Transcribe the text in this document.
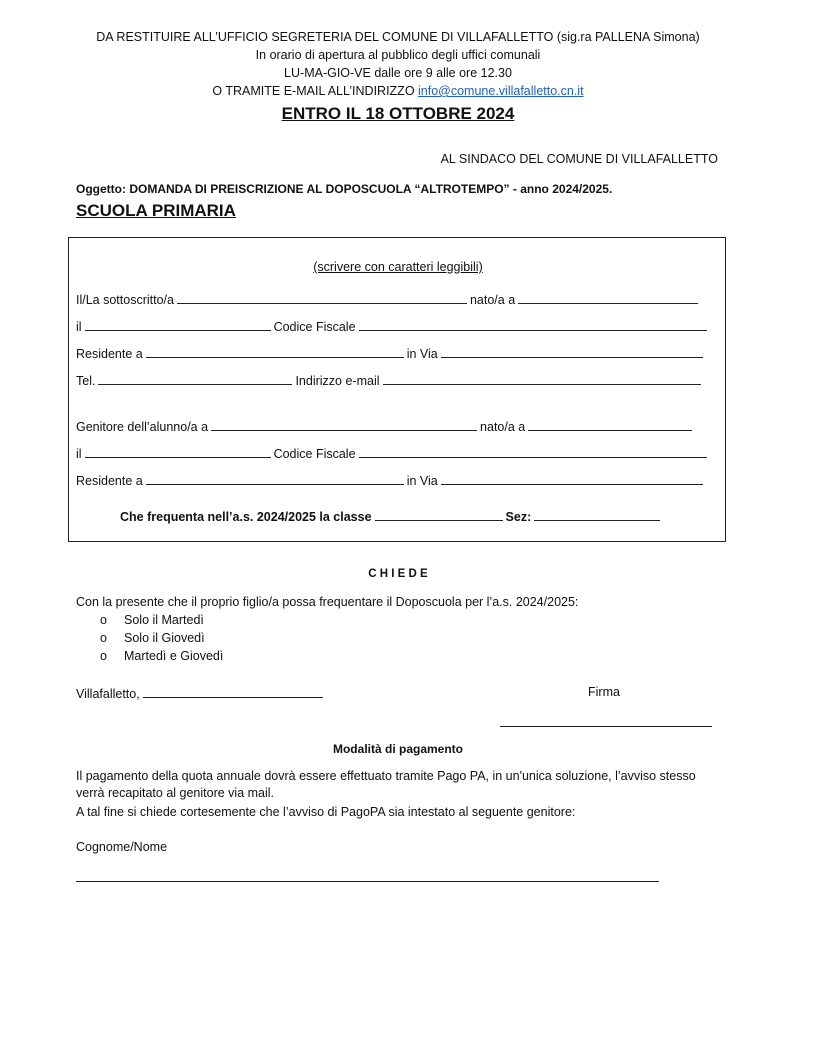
DA RESTITUIRE ALL’UFFICIO SEGRETERIA DEL COMUNE DI VILLAFALLETTO (sig.ra PALLENA Simona)
In orario di apertura al pubblico degli uffici comunali
LU-MA-GIO-VE dalle ore 9 alle ore 12.30
O TRAMITE E-MAIL ALL’INDIRIZZO info@comune.villafalletto.cn.it
ENTRO IL 18 OTTOBRE 2024
AL SINDACO DEL COMUNE DI VILLAFALLETTO
Oggetto: DOMANDA DI PREISCRIZIONE AL DOPOSCUOLA “ALTROTEMPO” - anno 2024/2025.
SCUOLA PRIMARIA
(scrivere con caratteri leggibili)
Il/La sottoscritto/a	nato/a a
il	Codice Fiscale
Residente a	in Via
Tel.	Indirizzo e-mail
Genitore dell’alunno/a a	nato/a a
il	Codice Fiscale
Residente a	in Via
Che frequenta nell’a.s. 2024/2025 la classe	Sez:
C H I E D E
Con la presente che il proprio figlio/a possa frequentare il Doposcuola per l’a.s. 2024/2025:
o Solo il Martedì
o Solo il Giovedì
o Martedì e Giovedì
Villafalletto,	Firma
Modalità di pagamento
Il pagamento della quota annuale dovrà essere effettuato tramite Pago PA, in un'unica soluzione, l’avviso stesso verrà recapitato al genitore via mail.
A tal fine si chiede cortesemente che l’avviso di PagoPA sia intestato al seguente genitore:
Cognome/Nome
